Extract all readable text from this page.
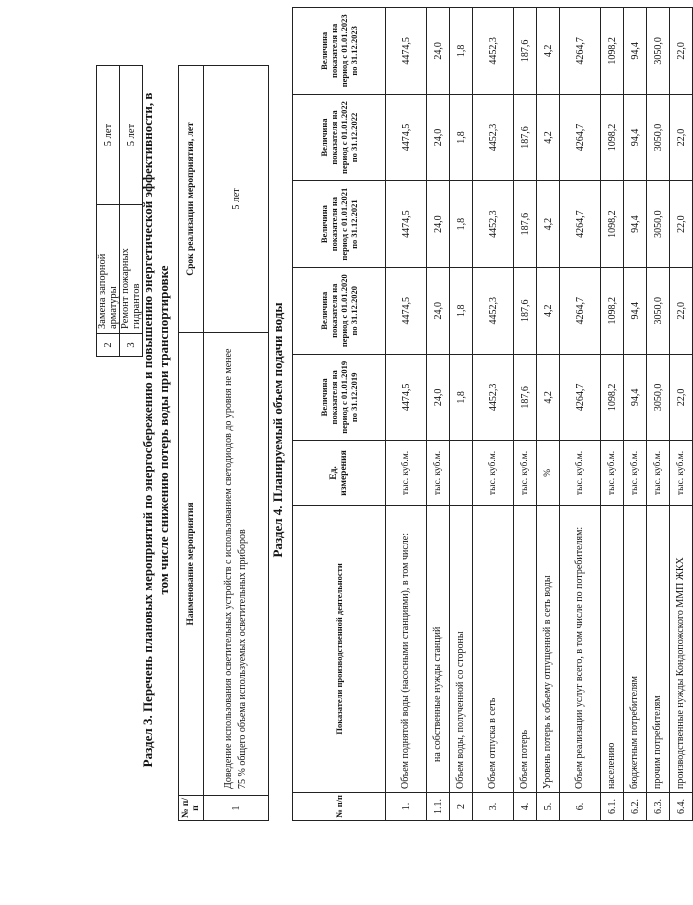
2	Замена запорной арматуры	5 лет
3	Ремонт пожарных гидрантов	5 лет Раздел 3. Перечень плановых мероприятий по энергосбережению и повышению энергетической эффективности, в том числе снижению потерь воды при транспортировке
№ п/п	Наименование мероприятия	Срок реализации мероприятия, лет
1	Доведение использования осветительных устройств с использованием светодиодов до уровня не менее 75 % общего объема используемых осветительных приборов	5 лет
Раздел 4. Планируемый объем подачи воды
№ п/п	Показатели производственной деятельности	Ед. измерения	Величина показателя на период с 01.01.2019 по 31.12.2019	Величина показателя на период с 01.01.2020 по 31.12.2020	Величина показателя на период с 01.01.2021 по 31.12.2021	Величина показателя на период с 01.01.2022 по 31.12.2022	Величина показателя на период с 01.01.2023 по 31.12.2023
1.	Объем поднятой воды (насосными станциями), в том числе:	тыс. куб.м.	4474,5	4474,5	4474,5	4474,5	4474,5
1.1.	на собственные нужды станций	тыс. куб.м.	24,0	24,0	24,0	24,0	24,0
2	Объем воды, полученной со стороны		1,8	1,8	1,8	1,8	1,8
3.	Объем отпуска в сеть	тыс. куб.м.	4452,3	4452,3	4452,3	4452,3	4452,3
4.	Объем потерь	тыс. куб.м.	187,6	187,6	187,6	187,6	187,6
5.	Уровень потерь к объему отпущенной в сеть воды	%	4,2	4,2	4,2	4,2	4,2
6.	Объем реализации услуг всего, в том числе по потребителям:	тыс. куб.м.	4264,7	4264,7	4264,7	4264,7	4264,7
6.1.	населению	тыс. куб.м.	1098,2	1098,2	1098,2	1098,2	1098,2
6.2.	бюджетным потребителям	тыс. куб.м.	94,4	94,4	94,4	94,4	94,4
6.3.	прочим потребителям	тыс. куб.м.	3050,0	3050,0	3050,0	3050,0	3050,0
6.4.	производственные нужды Кондопожского ММП ЖКХ	тыс. куб.м.	22,0	22,0	22,0	22,0	22,0
